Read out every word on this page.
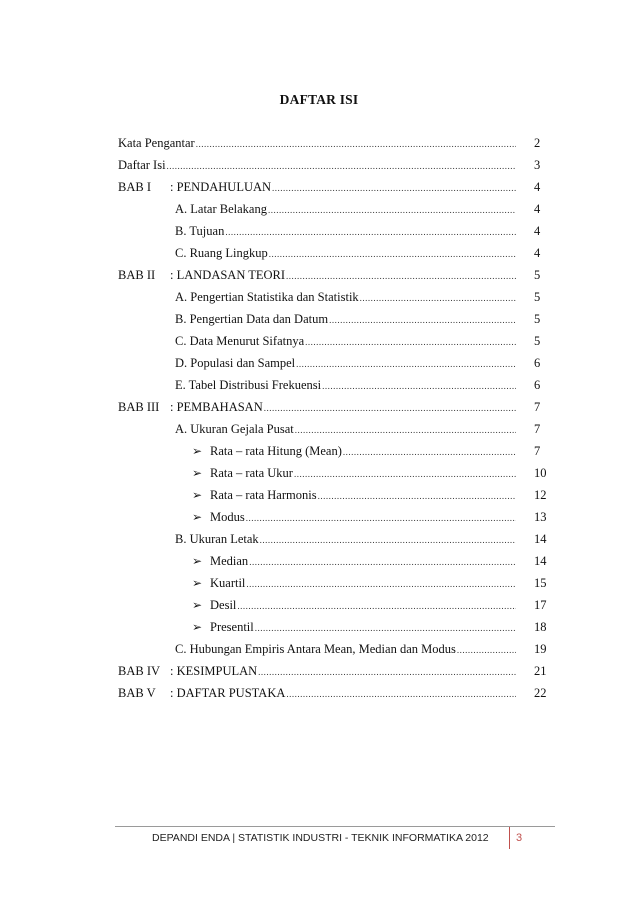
DAFTAR ISI
Kata Pengantar .....	2
Daftar Isi .....	3
BAB I	: PENDAHULUAN .....	4
A. Latar Belakang .....	4
B. Tujuan .....	4
C. Ruang Lingkup .....	4
BAB II	: LANDASAN TEORI .....	5
A. Pengertian Statistika dan Statistik .....	5
B. Pengertian Data dan Datum .....	5
C. Data Menurut Sifatnya .....	5
D. Populasi dan Sampel .....	6
E. Tabel Distribusi Frekuensi .....	6
BAB III : PEMBAHASAN .....	7
A. Ukuran Gejala Pusat .....	7
➢ Rata – rata Hitung (Mean) .....	7
➢ Rata – rata Ukur .....	10
➢ Rata – rata Harmonis .....	12
➢ Modus .....	13
B. Ukuran Letak .....	14
➢ Median .....	14
➢ Kuartil .....	15
➢ Desil .....	17
➢ Presentil .....	18
C. Hubungan Empiris Antara Mean, Median dan Modus .....	19
BAB IV : KESIMPULAN .....	21
BAB V	: DAFTAR PUSTAKA .....	22
DEPANDI ENDA | STATISTIK INDUSTRI - TEKNIK INFORMATIKA 2012	3
